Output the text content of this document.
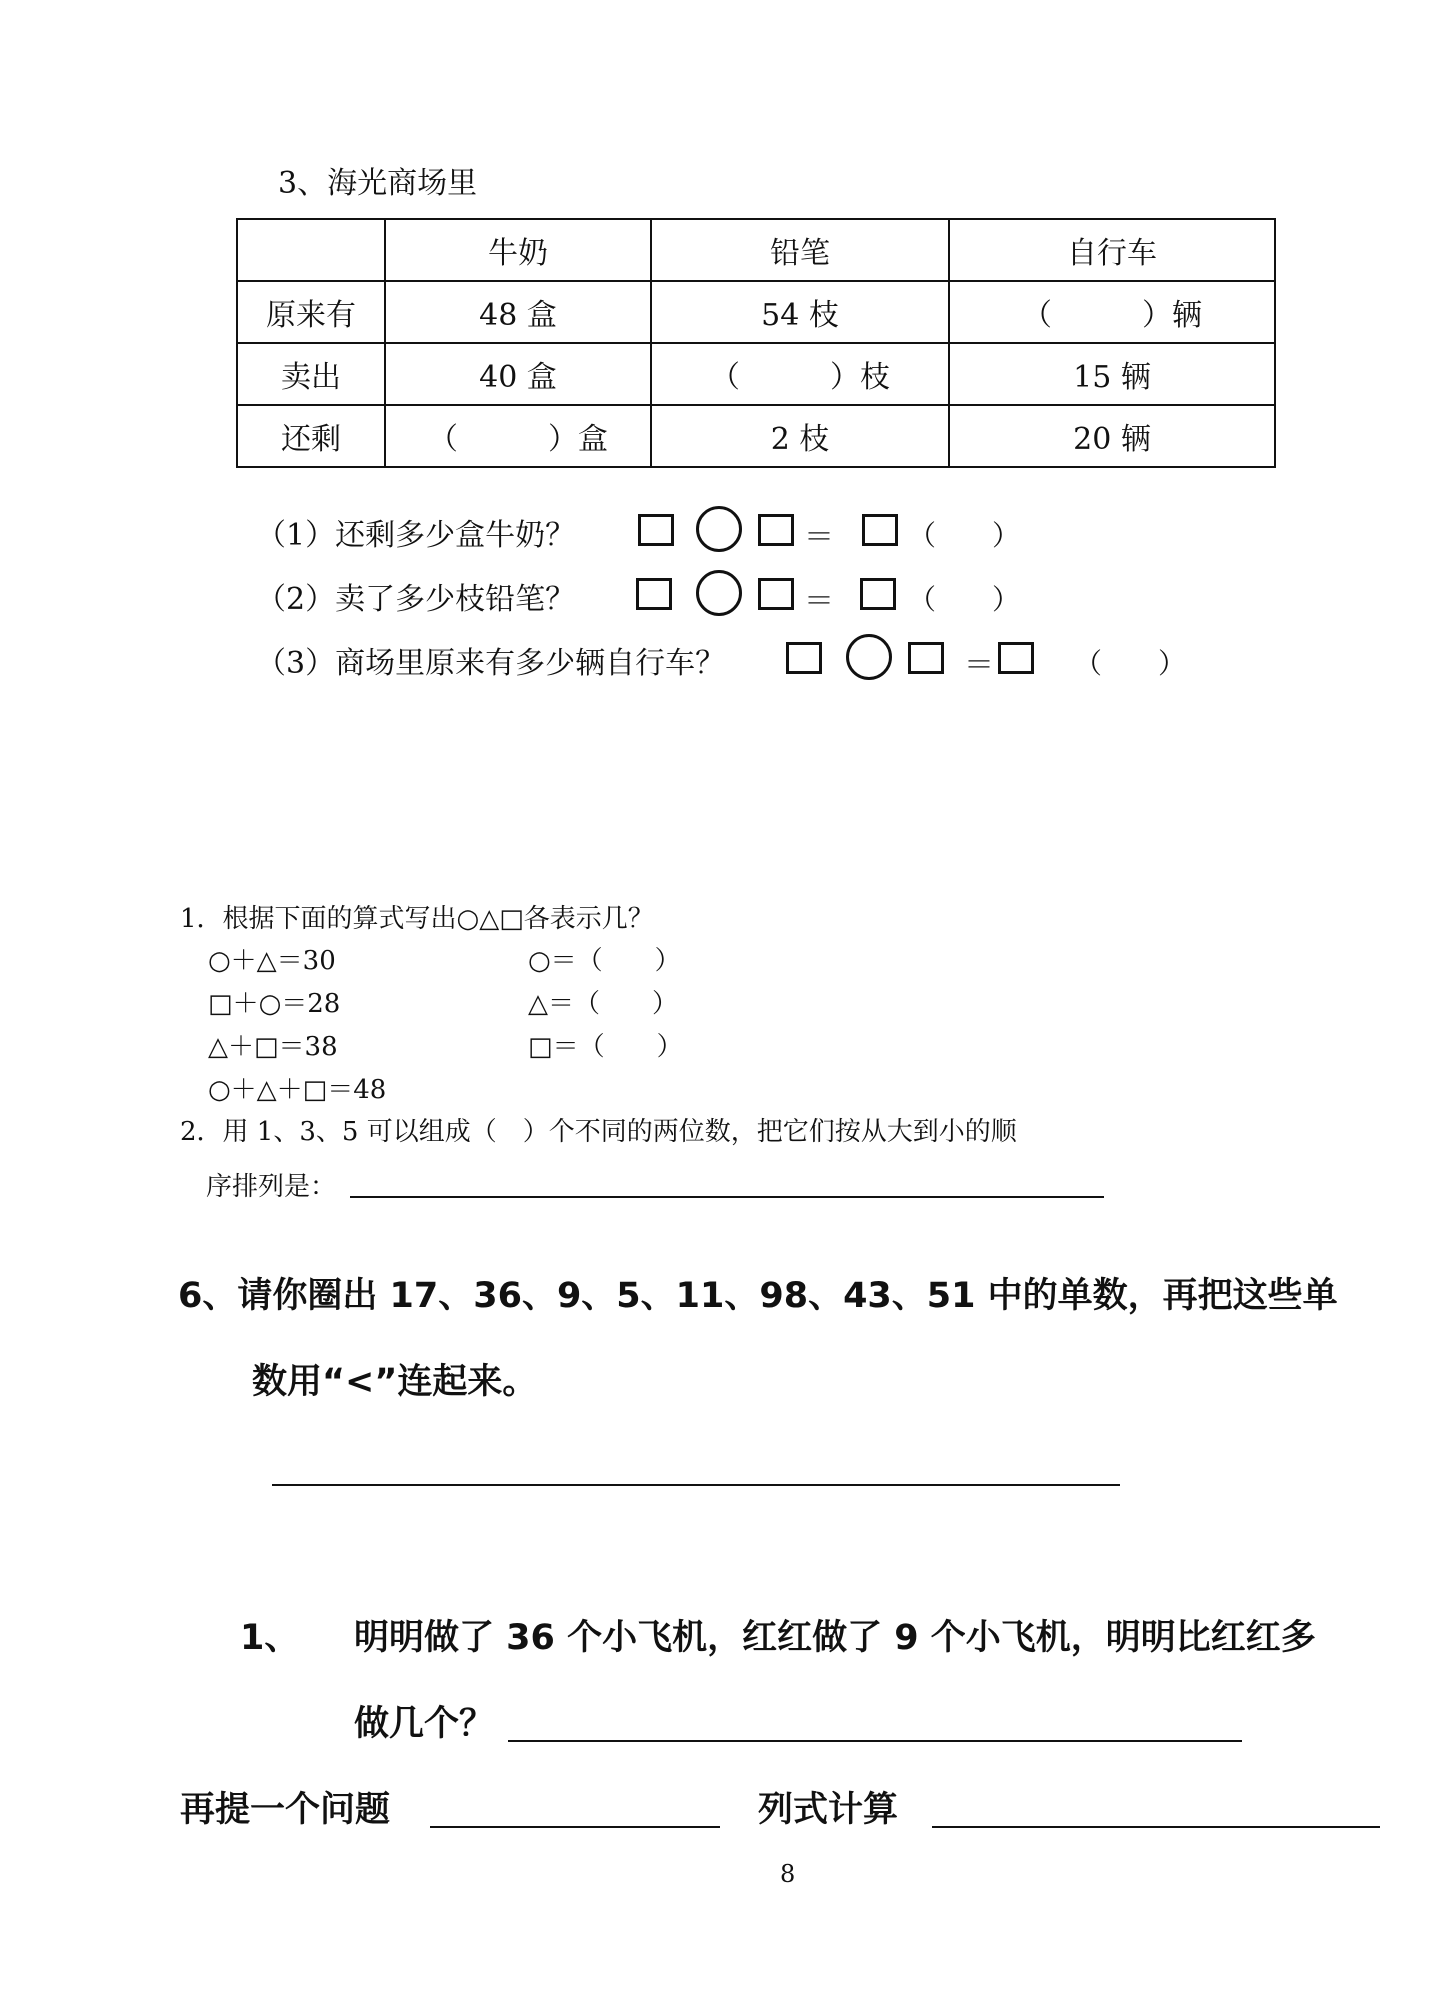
3、海光商场里
	牛奶	铅笔	自行车
原来有	48 盒	54 枝	（　　　）辆
卖出	40 盒	（　　　）枝	15 辆
还剩	（　　　）盒	2 枝	20 辆
（1）还剩多少盒牛奶？	＝	（　　）
（2）卖了多少枝铅笔？	＝	（　　）
（3）商场里原来有多少辆自行车？	＝	（　　）
1．根据下面的算式写出○△□各表示几？
○＋△＝30
□＋○＝28
△＋□＝38
○＋△＋□＝48
○＝（　　）
△＝（　　）
□＝（　　）
2．用 1、3、5 可以组成（　）个不同的两位数，把它们按从大到小的顺
序排列是：
6、请你圈出 17、36、9、5、11、98、43、51 中的单数，再把这些单
数用“<”连起来。
1、 明明做了 36 个小飞机，红红做了 9 个小飞机，明明比红红多
做几个？
再提一个问题	列式计算
8
